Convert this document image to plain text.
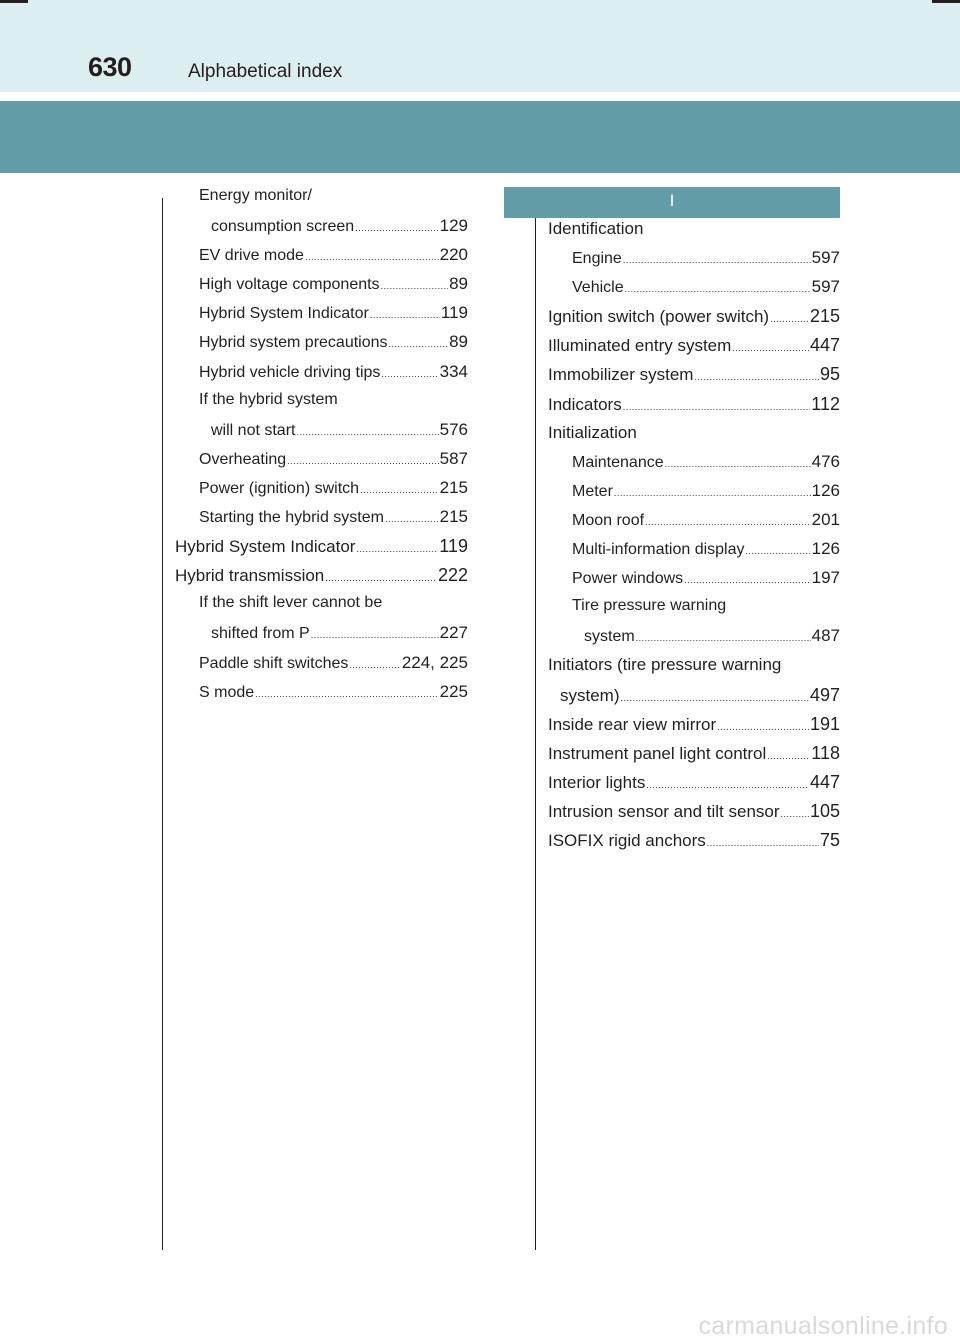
630	Alphabetical index
Energy monitor/
consumption screen .....	129
EV drive mode .....	220
High voltage components .....	89
Hybrid System Indicator .....	119
Hybrid system precautions .....	89
Hybrid vehicle driving tips .....	334
If the hybrid system
will not start .....	576
Overheating .....	587
Power (ignition) switch .....	215
Starting the hybrid system .....	215
Hybrid System Indicator .....	119
Hybrid transmission .....	222
If the shift lever cannot be
shifted from P .....	227
Paddle shift switches .....	224, 225
S mode .....	225
I
Identification
Engine .....	597
Vehicle .....	597
Ignition switch (power switch) ..... 215
Illuminated entry system .....	447
Immobilizer system .....	95
Indicators .....	112
Initialization
Maintenance .....	476
Meter .....	126
Moon roof .....	201
Multi-information display .....	126
Power windows .....	197
Tire pressure warning
system .....	487
Initiators (tire pressure warning
system) .....	497
Inside rear view mirror .....	191
Instrument panel light control .....	118
Interior lights .....	447
Intrusion sensor and tilt sensor ..... 105
ISOFIX rigid anchors .....	75
carmanualsonline.info
